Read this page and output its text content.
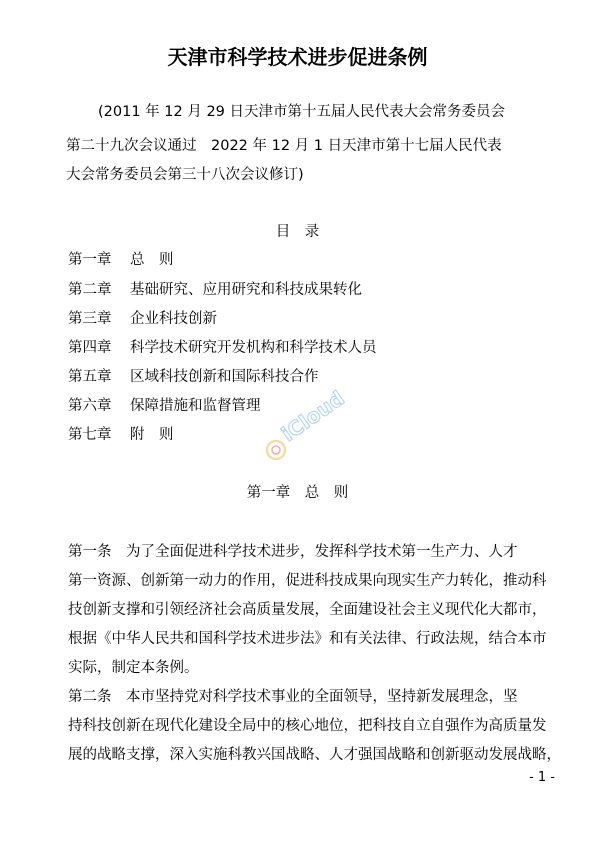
天津市科学技术进步促进条例
(2011 年 12 月 29 日天津市第十五届人民代表大会常务委员会
第二十九次会议通过　2022 年 12 月 1 日天津市第十七届人民代表
大会常务委员会第三十八次会议修订)
目　录
第一章 总　则
第二章 基础研究、应用研究和科技成果转化
第三章 企业科技创新
第四章 科学技术研究开发机构和科学技术人员
第五章 区域科技创新和国际科技合作
第六章 保障措施和监督管理
第七章 附　则
第一章　总　则
第一条　为了全面促进科学技术进步，发挥科学技术第一生产力、人才
第一资源、创新第一动力的作用，促进科技成果向现实生产力转化，推动科
技创新支撑和引领经济社会高质量发展，全面建设社会主义现代化大都市，
根据《中华人民共和国科学技术进步法》和有关法律、行政法规，结合本市
实际，制定本条例。
第二条　本市坚持党对科学技术事业的全面领导，坚持新发展理念，坚
持科技创新在现代化建设全局中的核心地位，把科技自立自强作为高质量发
展的战略支撑，深入实施科教兴国战略、人才强国战略和创新驱动发展战略，
- 1 -
iCloud
